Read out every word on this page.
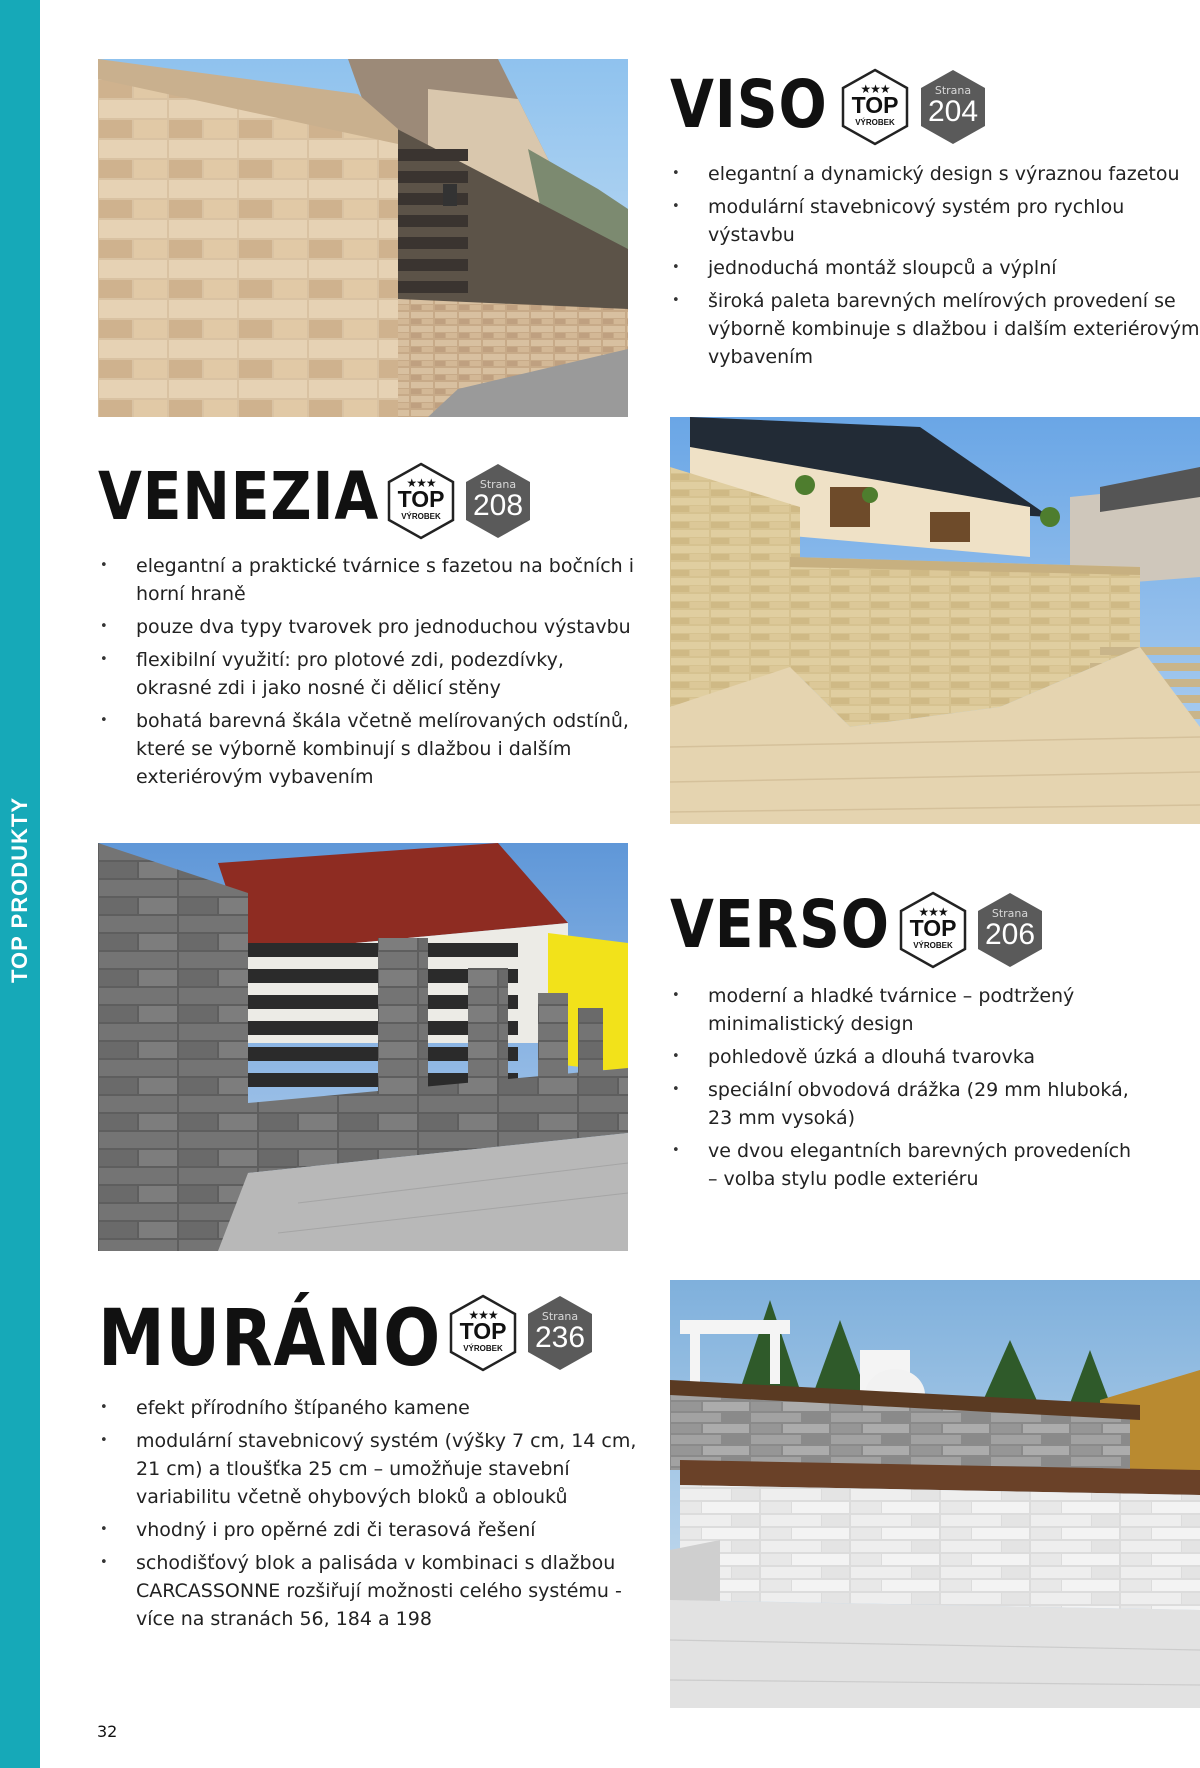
TOP PRODUKTY
VISO	★★★
TOP
VÝROBEK
Strana
204
• elegantní a dynamický design s výraznou fazetou
• modulární stavebnicový systém pro rychlou výstavbu
• jednoduchá montáž sloupců a výplní
• široká paleta barevných melírových provedení se výborně kombinuje s dlažbou i dalším exteriérovým vybavením
VENEZIA	★★★
TOP
VÝROBEK
Strana
208
• elegantní a praktické tvárnice s fazetou na bočních i horní hraně
• pouze dva typy tvarovek pro jednoduchou výstavbu
• flexibilní využití: pro plotové zdi, podezdívky, okrasné zdi i jako nosné či dělicí stěny
• bohatá barevná škála včetně melírovaných odstínů, které se výborně kombinují s dlažbou i dalším exteriérovým vybavením
VERSO	★★★
TOP
VÝROBEK
Strana
206
• moderní a hladké tvárnice – podtržený minimalistický design
• pohledově úzká a dlouhá tvarovka
• speciální obvodová drážka (29 mm hluboká, 23 mm vysoká)
• ve dvou elegantních barevných provedeních – volba stylu podle exteriéru
MURÁNO	★★★
TOP
VÝROBEK
Strana
236
• efekt přírodního štípaného kamene
• modulární stavebnicový systém (výšky 7 cm, 14 cm, 21 cm) a tloušťka 25 cm – umožňuje stavební variabilitu včetně ohybových bloků a oblouků
• vhodný i pro opěrné zdi či terasová řešení
• schodišťový blok a palisáda v kombinaci s dlažbou CARCASSONNE rozšiřují možnosti celého systému - více na stranách 56, 184 a 198
32
